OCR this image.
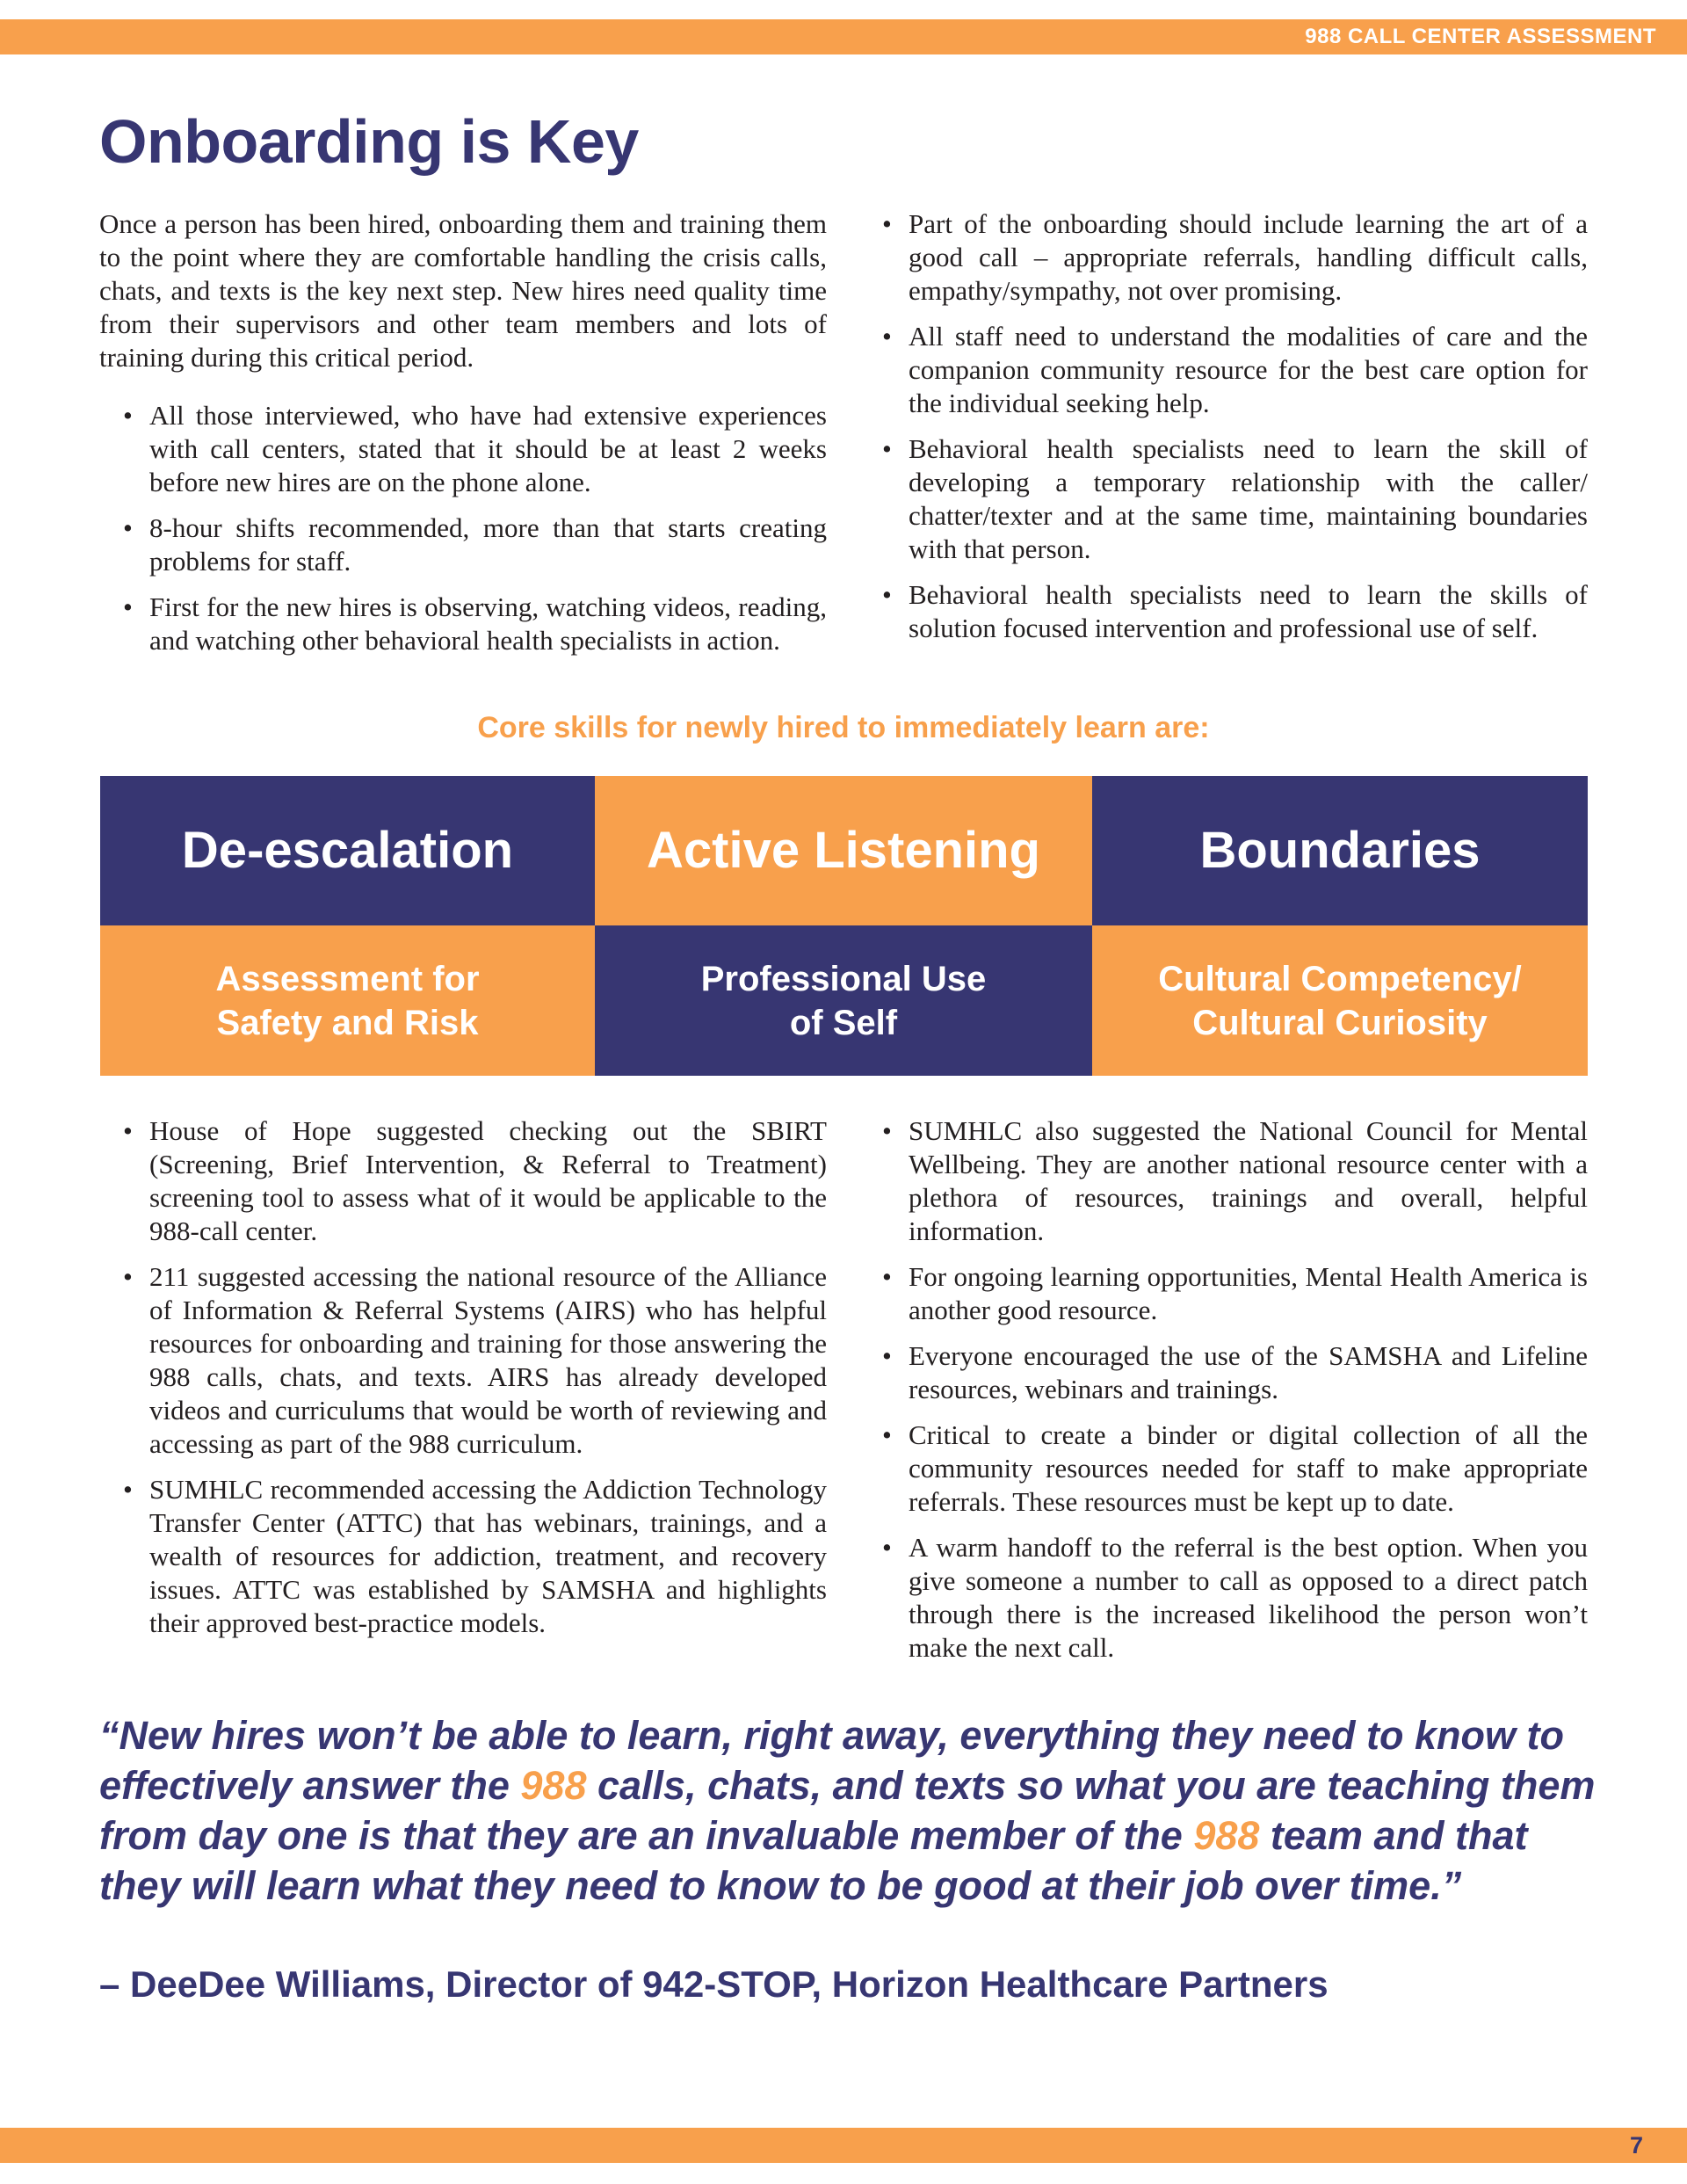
988 CALL CENTER ASSESSMENT
Onboarding is Key

Once a person has been hired, onboarding them and training them to the point where they are comfortable handling the crisis calls, chats, and texts is the key next step. New hires need quality time from their supervisors and other team members and lots of training during this critical period.

• All those interviewed, who have had extensive experiences with call centers, stated that it should be at least 2 weeks before new hires are on the phone alone.
• 8-hour shifts recommended, more than that starts creating problems for staff.
• First for the new hires is observing, watching videos, reading, and watching other behavioral health specialists in action.
• Part of the onboarding should include learning the art of a good call – appropriate referrals, handling difficult calls, empathy/sympathy, not over promising.
• All staff need to understand the modalities of care and the companion community resource for the best care option for the individual seeking help.
• Behavioral health specialists need to learn the skill of developing a temporary relationship with the caller/ chatter/texter and at the same time, maintaining boundaries with that person.
• Behavioral health specialists need to learn the skills of solution focused intervention and professional use of self.
Core skills for newly hired to immediately learn are:
De-escalation	Active Listening	Boundaries
Assessment for
Safety and Risk
Professional Use
of Self
Cultural Competency/
Cultural Curiosity
• House of Hope suggested checking out the SBIRT (Screening, Brief Intervention, & Referral to Treatment) screening tool to assess what of it would be applicable to the 988-call center.
• 211 suggested accessing the national resource of the Alliance of Information & Referral Systems (AIRS) who has helpful resources for onboarding and training for those answering the 988 calls, chats, and texts. AIRS has already developed videos and curriculums that would be worth of reviewing and accessing as part of the 988 curriculum.
• SUMHLC recommended accessing the Addiction Technology Transfer Center (ATTC) that has webinars, trainings, and a wealth of resources for addiction, treatment, and recovery issues. ATTC was established by SAMSHA and highlights their approved best-practice models.
• SUMHLC also suggested the National Council for Mental Wellbeing. They are another national resource center with a plethora of resources, trainings and overall, helpful information.
• For ongoing learning opportunities, Mental Health America is another good resource.
• Everyone encouraged the use of the SAMSHA and Lifeline resources, webinars and trainings.
• Critical to create a binder or digital collection of all the community resources needed for staff to make appropriate referrals. These resources must be kept up to date.
• A warm handoff to the referral is the best option. When you give someone a number to call as opposed to a direct patch through there is the increased likelihood the person won’t make the next call.
“New hires won’t be able to learn, right away, everything they need to know to effectively answer the 988 calls, chats, and texts so what you are teaching them from day one is that they are an invaluable member of the 988 team and that they will learn what they need to know to be good at their job over time.”
– DeeDee Williams, Director of 942-STOP, Horizon Healthcare Partners
7
